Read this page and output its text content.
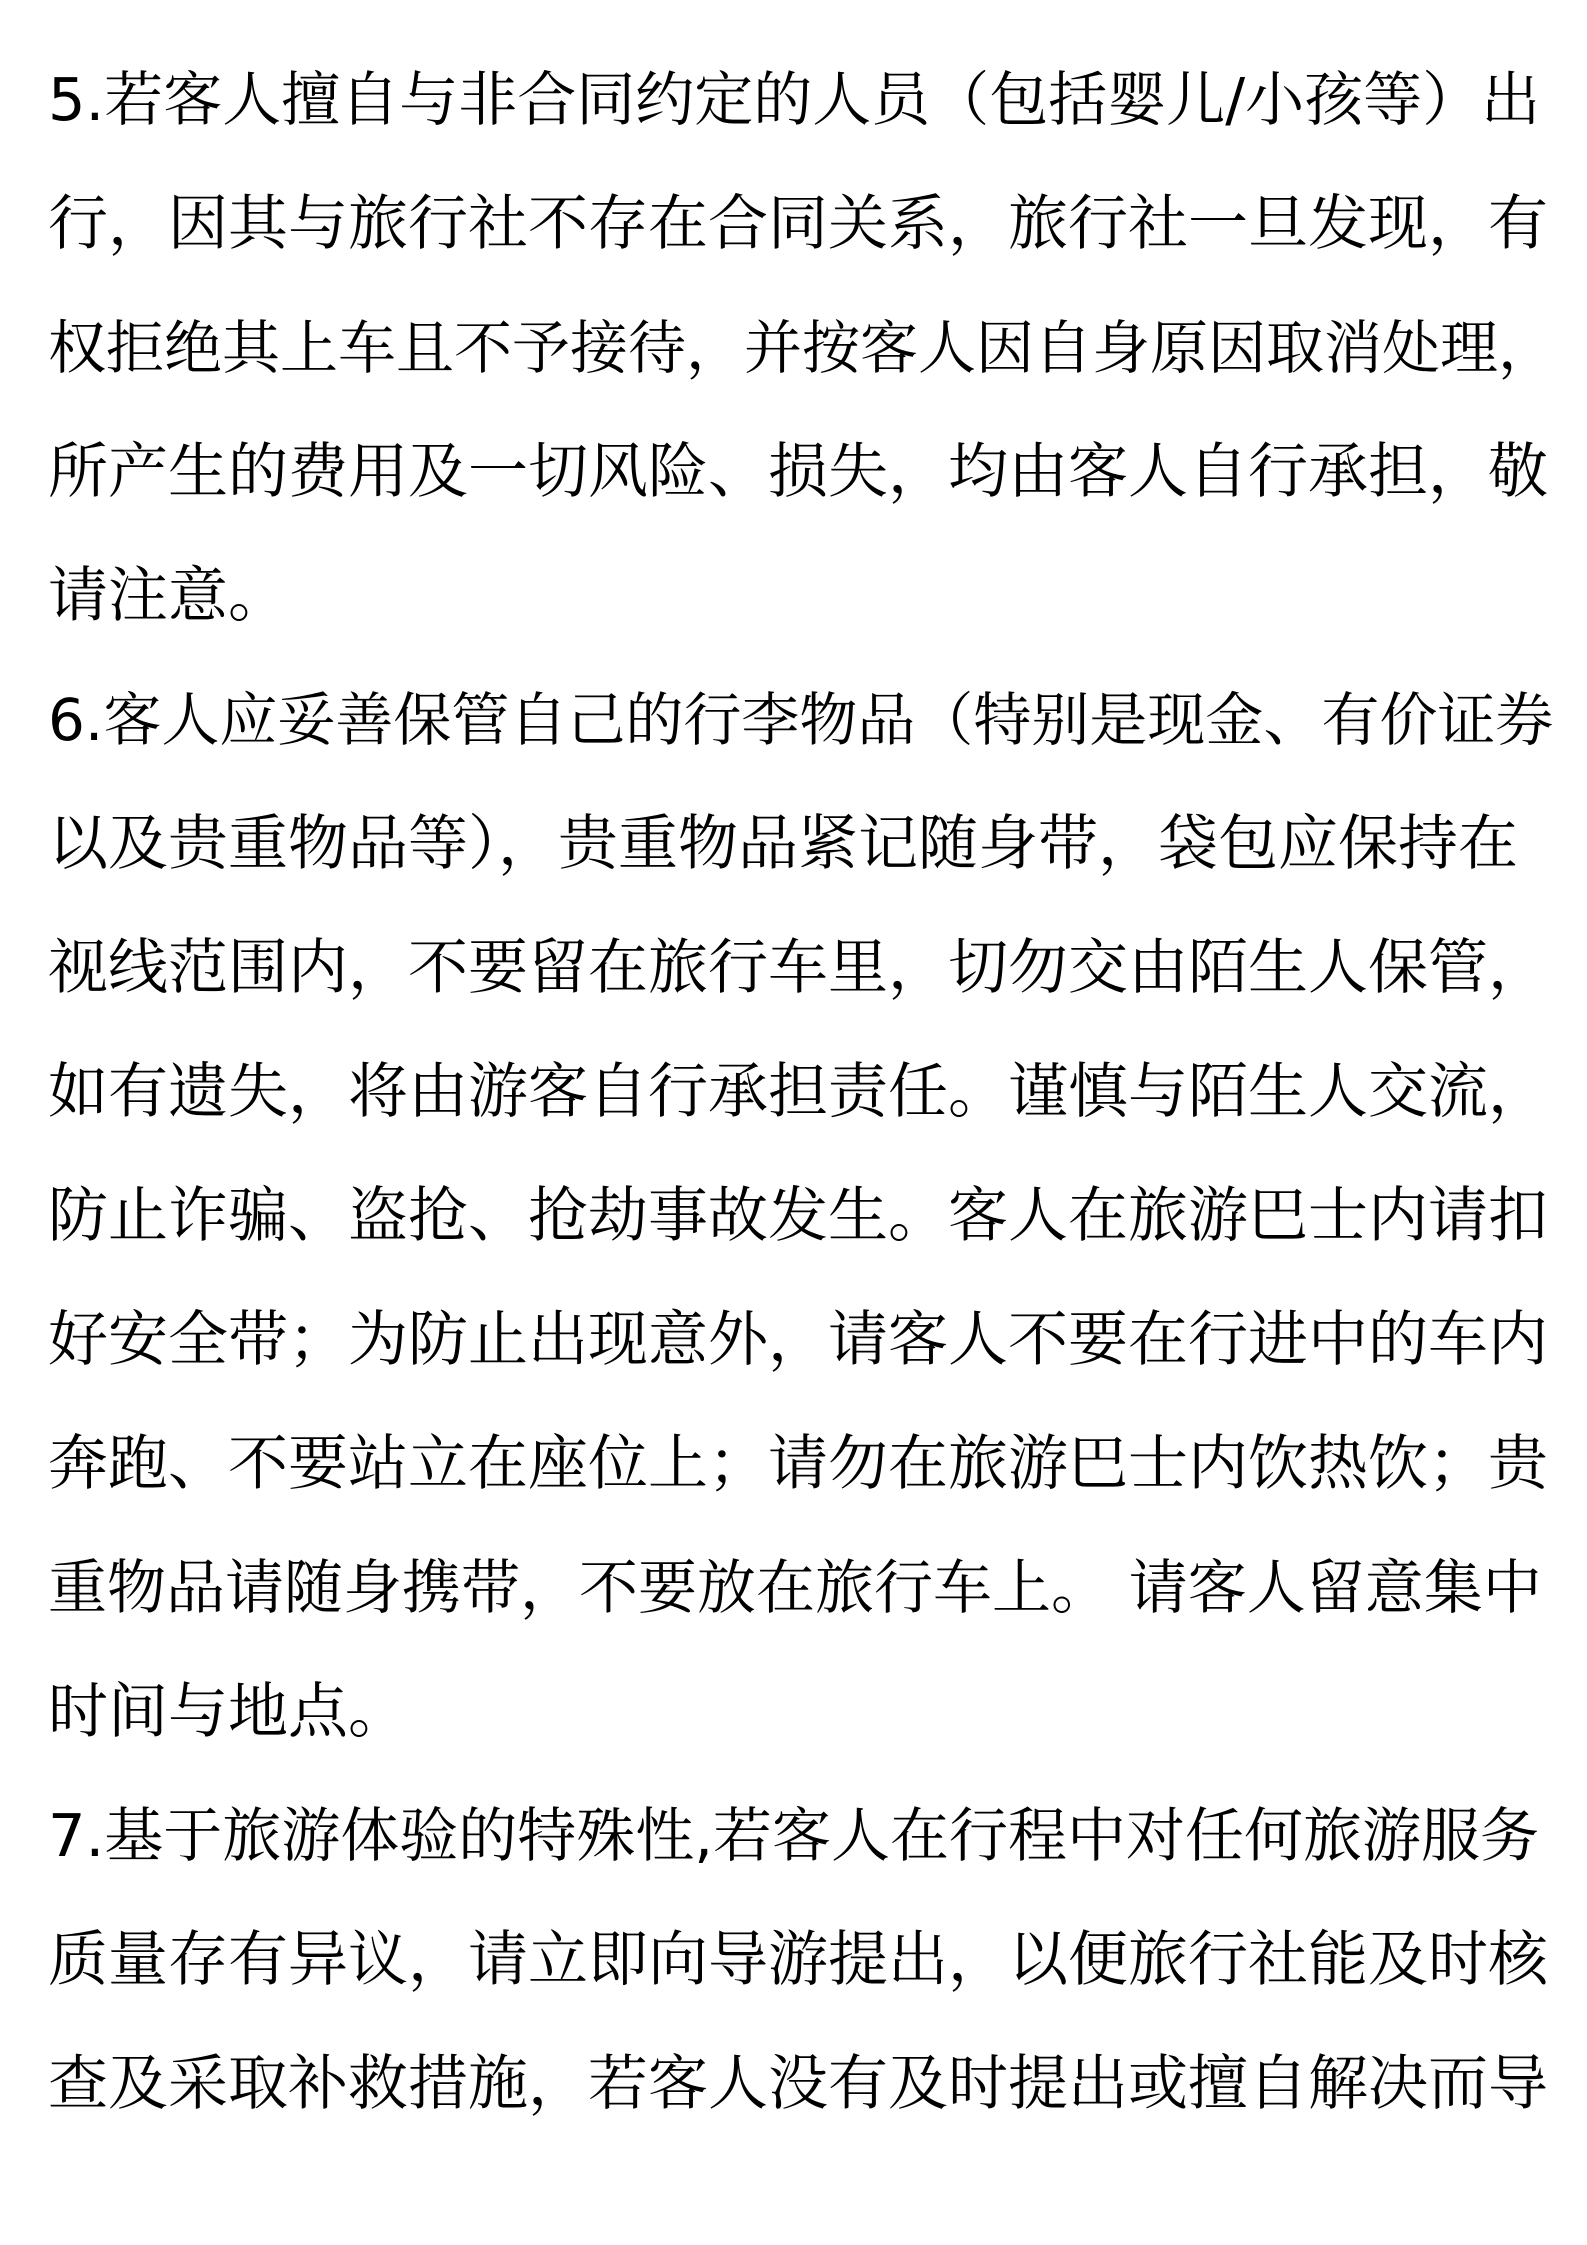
5.若客人擅自与非合同约定的人员（包括婴儿/小孩等）出
行，因其与旅行社不存在合同关系，旅行社一旦发现，有
权拒绝其上车且不予接待，并按客人因自身原因取消处理，
所产生的费用及一切风险、损失，均由客人自行承担，敬
请注意。
6.客人应妥善保管自己的行李物品（特别是现金、有价证券
以及贵重物品等），贵重物品紧记随身带，袋包应保持在
视线范围内，不要留在旅行车里，切勿交由陌生人保管，
如有遗失，将由游客自行承担责任。谨慎与陌生人交流，
防止诈骗、盗抢、抢劫事故发生。客人在旅游巴士内请扣
好安全带；为防止出现意外，请客人不要在行进中的车内
奔跑、不要站立在座位上；请勿在旅游巴士内饮热饮；贵
重物品请随身携带，不要放在旅行车上。 请客人留意集中
时间与地点。
7.基于旅游体验的特殊性,若客人在行程中对任何旅游服务
质量存有异议，请立即向导游提出，以便旅行社能及时核
查及采取补救措施，若客人没有及时提出或擅自解决而导
